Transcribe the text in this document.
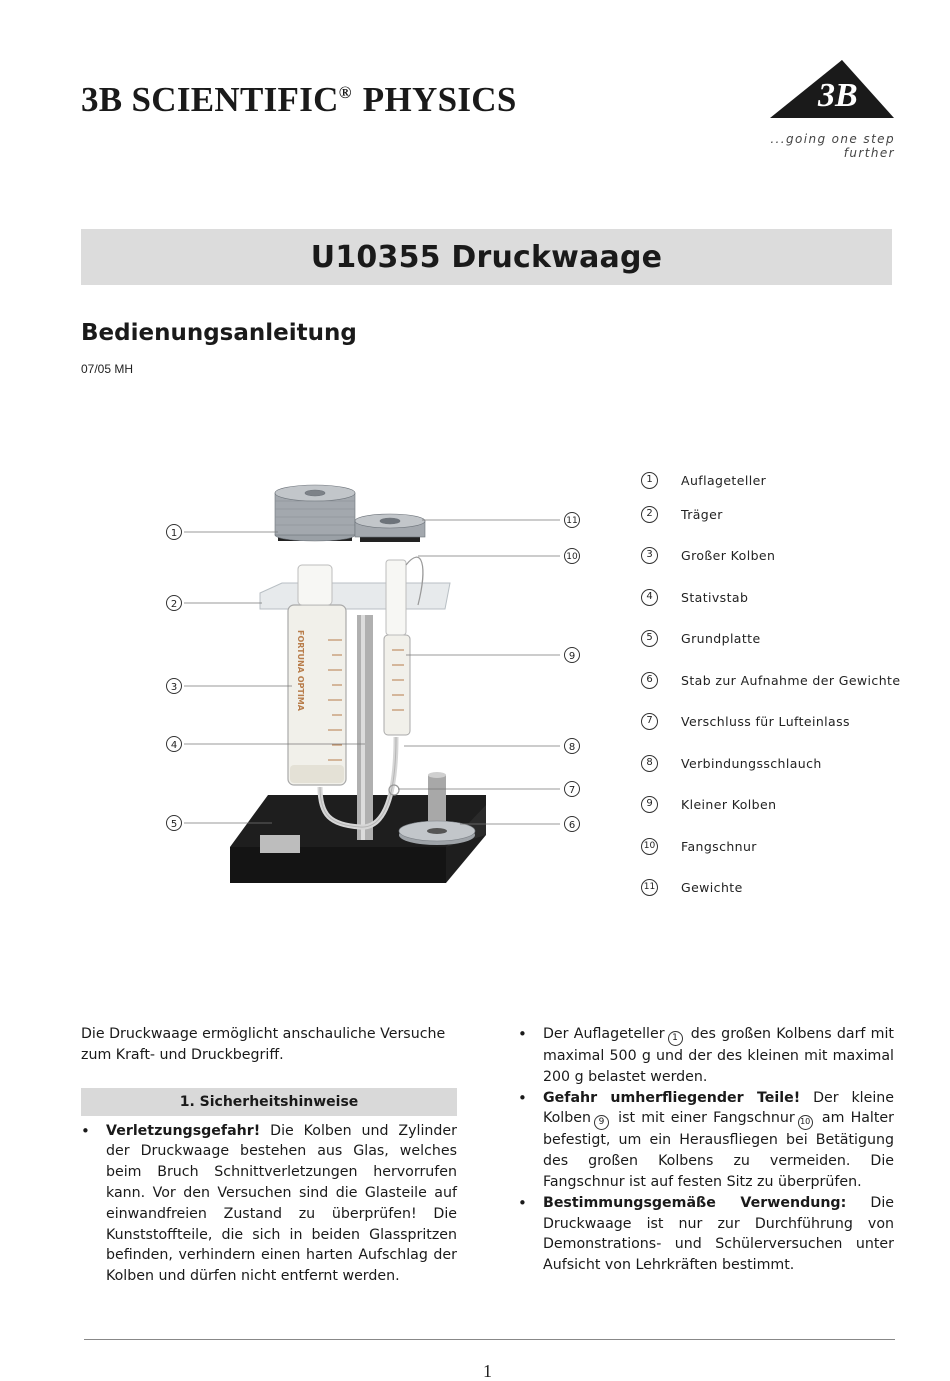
3B SCIENTIFIC® PHYSICS	3B ®
...going one step further
U10355 Druckwaage
Bedienungsanleitung
07/05 MH
FORTUNA OPTIMA
1
2
3
4
5
11
10
9
8
7
6
1	Auflageteller
2	Träger
3	Großer Kolben
4	Stativstab
5	Grundplatte
6	Stab zur Aufnahme der Gewichte
7	Verschluss für Lufteinlass
8	Verbindungsschlauch
9	Kleiner Kolben
10 Fangschnur
11 Gewichte

Die Druckwaage ermöglicht anschauliche Versuche zum Kraft- und Druckbegriff.

1. Sicherheitshinweise
• Verletzungsgefahr! Die Kolben und Zylinder der Druckwaage bestehen aus Glas, welches beim Bruch Schnittverletzungen hervorrufen kann. Vor den Versuchen sind die Glasteile auf einwandfreien Zustand zu überprüfen! Die Kunststoffteile, die sich in beiden Glasspritzen befinden, verhindern einen harten Aufschlag der Kolben und dürfen nicht entfernt werden.
• Der Auflageteller 1 des großen Kolbens darf mit maximal 500 g und der des kleinen mit maximal 200 g belastet werden.
• Gefahr umherfliegender Teile! Der kleine Kolben 9 ist mit einer Fangschnur 10 am Halter befestigt, um ein Herausfliegen bei Betätigung des großen Kolbens zu vermeiden. Die Fangschnur ist auf festen Sitz zu überprüfen.
• Bestimmungsgemäße Verwendung: Die Druckwaage ist nur zur Durchführung von Demonstrations- und Schülerversuchen unter Aufsicht von Lehrkräften bestimmt.
1
